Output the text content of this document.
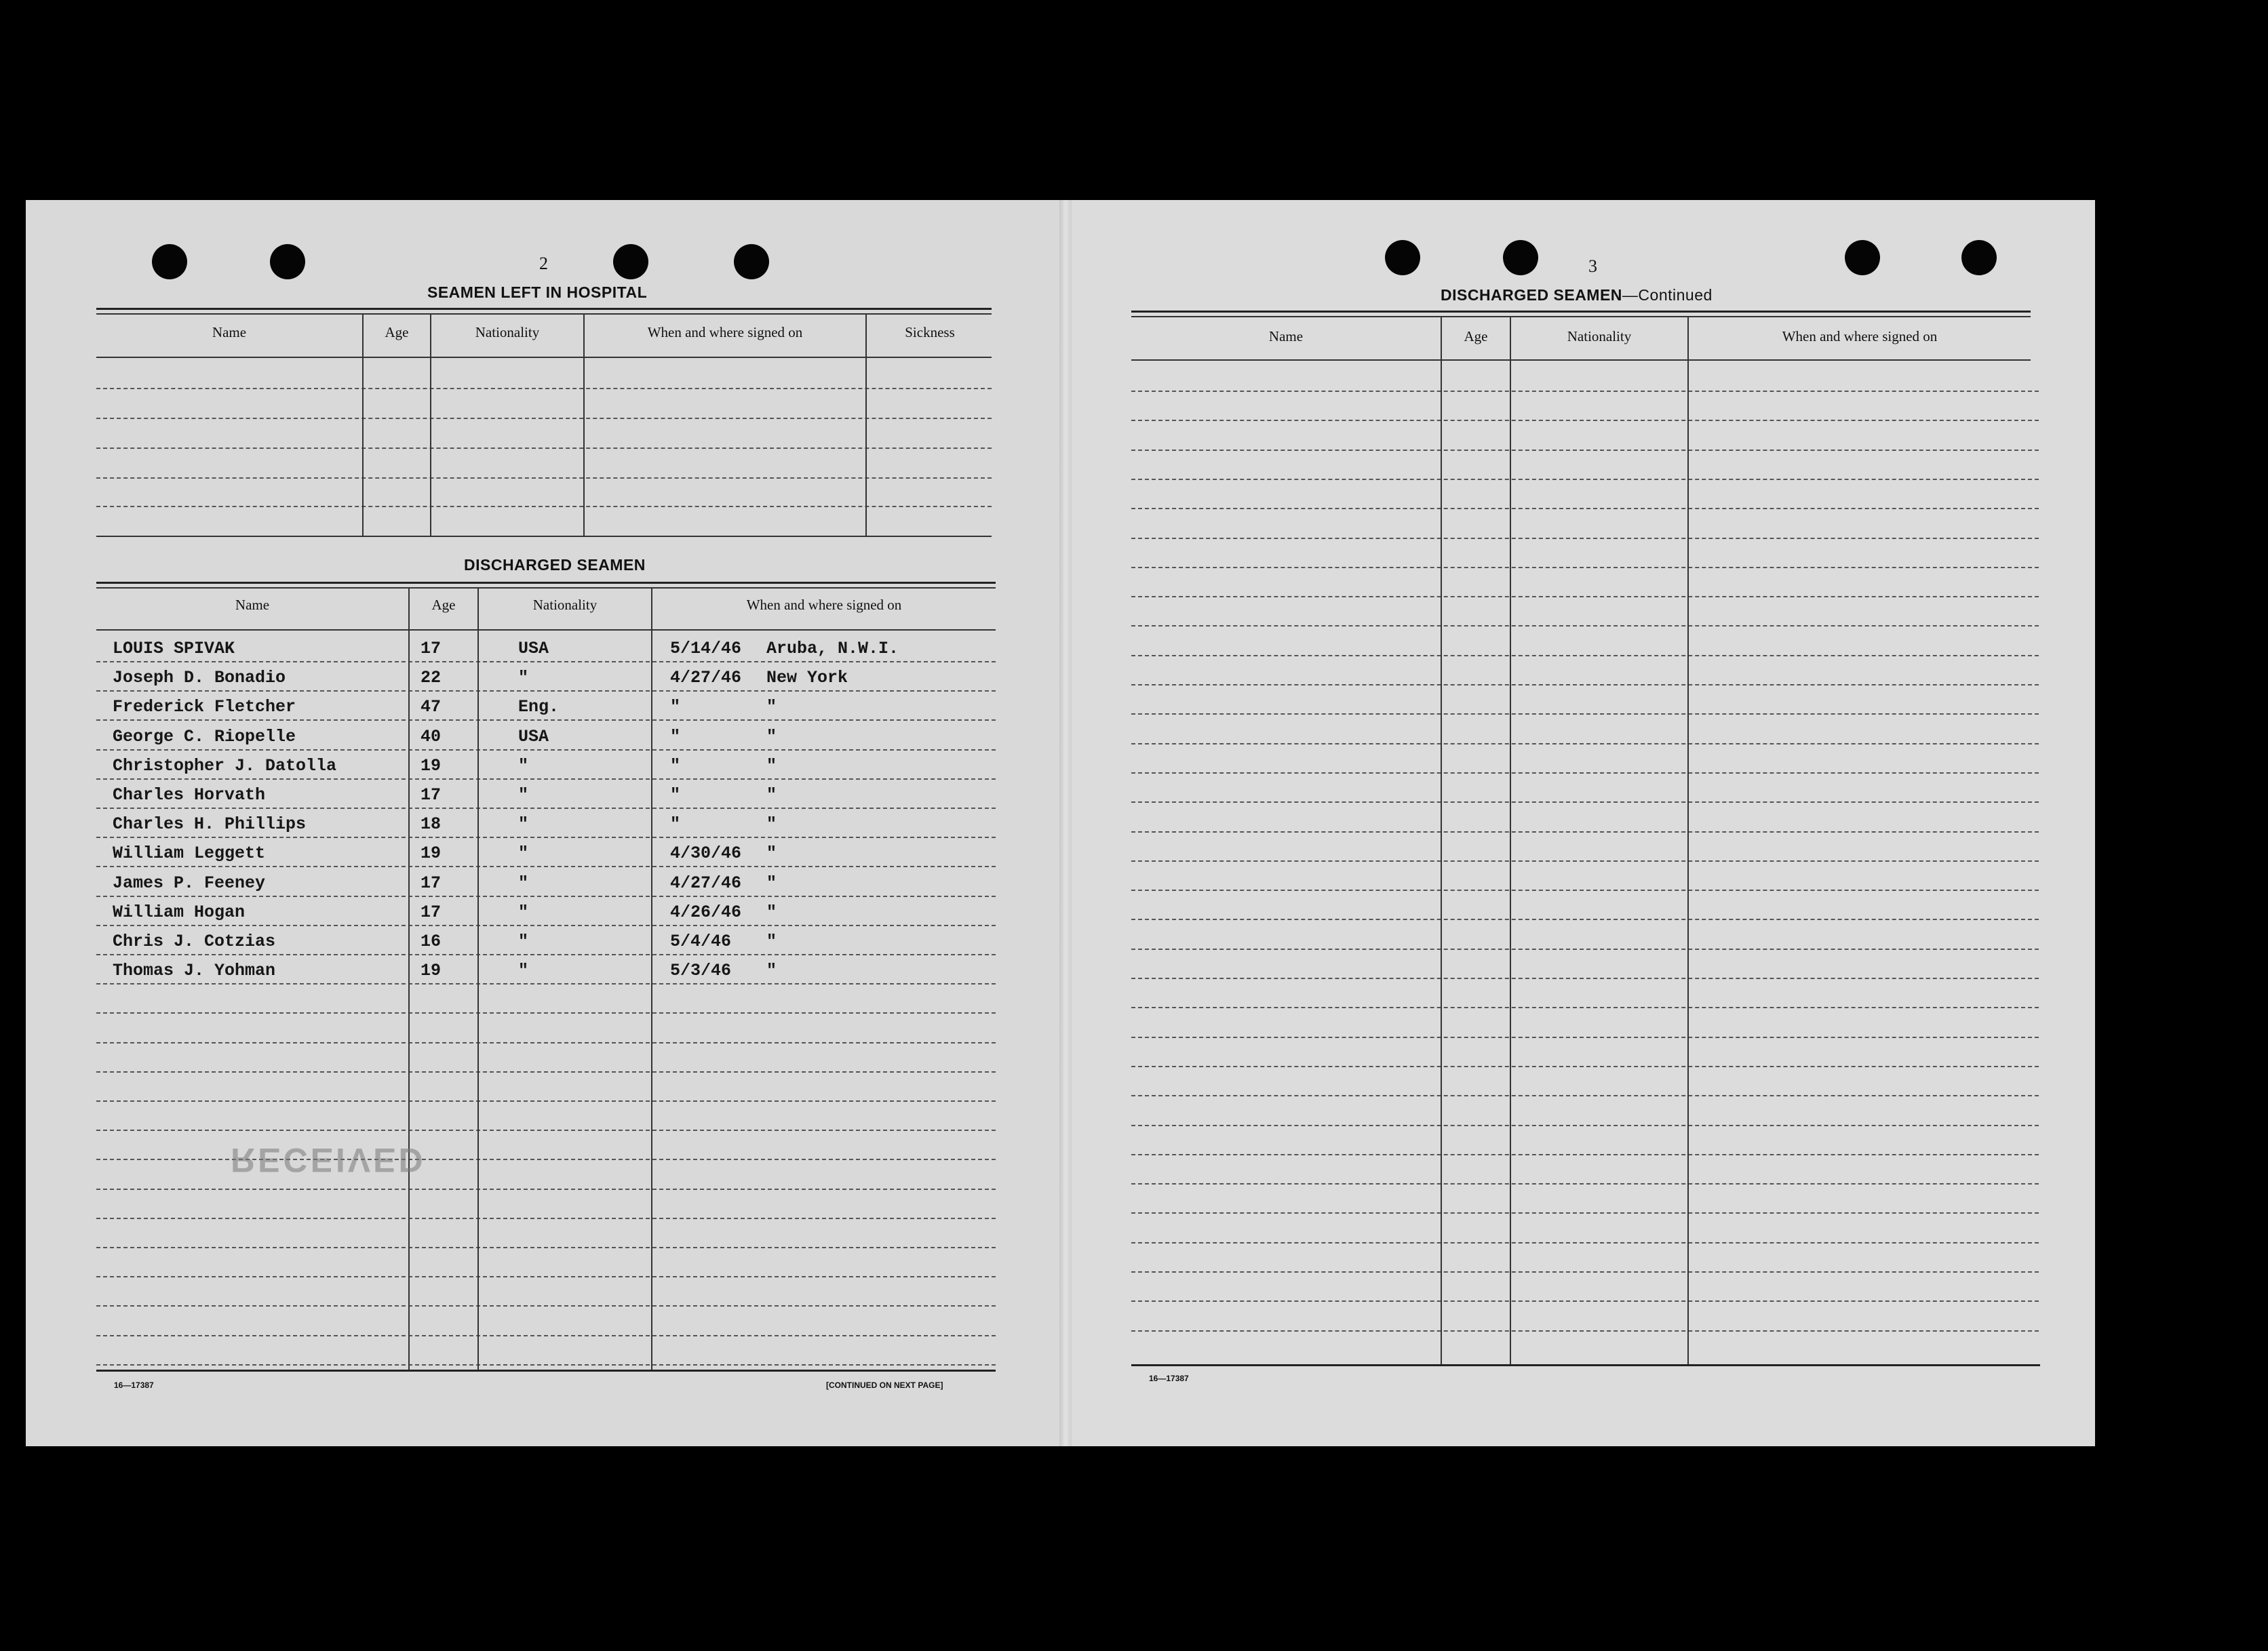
2
SEAMEN LEFT IN HOSPITAL
Name	Age	Nationality	When and where signed on	Sickness
DISCHARGED SEAMEN
Name	Age	Nationality	When and where signed on
LOUIS SPIVAK	17	USA	5/14/46 Aruba, N.W.I.
Joseph D. Bonadio	22	"	4/27/46 New York
Frederick Fletcher	47	Eng.	"	"
George C. Riopelle	40	USA	"	"
Christopher J. Datolla	19	"	"	"
Charles Horvath	17	"	"	"
Charles H. Phillips	18	"	"	"
William Leggett	19	"	4/30/46 "
James P. Feeney	17	"	4/27/46 "
William Hogan	17	"	4/26/46 "
Chris J. Cotzias	16	"	5/4/46 "
Thomas J. Yohman	19	"	5/3/46 "
RECEIVED
16—17387	[CONTINUED ON NEXT PAGE]
3
DISCHARGED SEAMEN—Continued
Name	Age	Nationality	When and where signed on
16—17387
